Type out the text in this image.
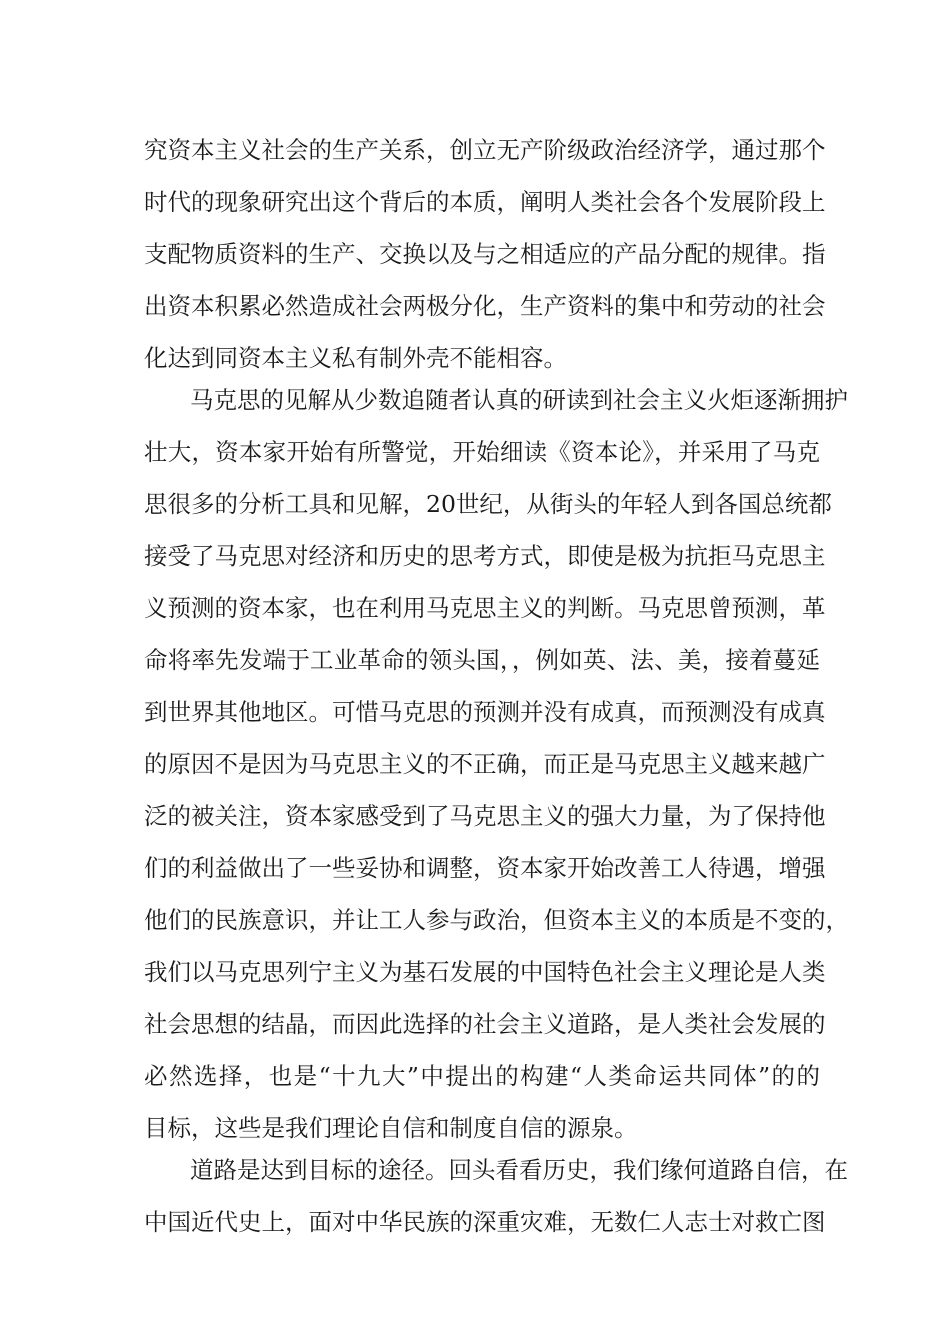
究资本主义社会的生产关系，创立无产阶级政治经济学，通过那个

时代的现象研究出这个背后的本质，阐明人类社会各个发展阶段上

支配物质资料的生产、交换以及与之相适应的产品分配的规律。指

出资本积累必然造成社会两极分化，生产资料的集中和劳动的社会

化达到同资本主义私有制外壳不能相容。

马克思的见解从少数追随者认真的研读到社会主义火炬逐渐拥护

壮大，资本家开始有所警觉，开始细读《资本论》，并采用了马克

思很多的分析工具和见解，20世纪，从街头的年轻人到各国总统都

接受了马克思对经济和历史的思考方式，即使是极为抗拒马克思主

义预测的资本家，也在利用马克思主义的判断。马克思曾预测，革

命将率先发端于工业革命的领头国，，例如英、法、美，接着蔓延

到世界其他地区。可惜马克思的预测并没有成真，而预测没有成真

的原因不是因为马克思主义的不正确，而正是马克思主义越来越广

泛的被关注，资本家感受到了马克思主义的强大力量，为了保持他

们的利益做出了一些妥协和调整，资本家开始改善工人待遇，增强

他们的民族意识，并让工人参与政治，但资本主义的本质是不变的，

我们以马克思列宁主义为基石发展的中国特色社会主义理论是人类

社会思想的结晶，而因此选择的社会主义道路，是人类社会发展的

必然选择，也是“十九大”中提出的构建“人类命运共同体”的的

目标，这些是我们理论自信和制度自信的源泉。

道路是达到目标的途径。回头看看历史，我们缘何道路自信，在

中国近代史上，面对中华民族的深重灾难，无数仁人志士对救亡图
